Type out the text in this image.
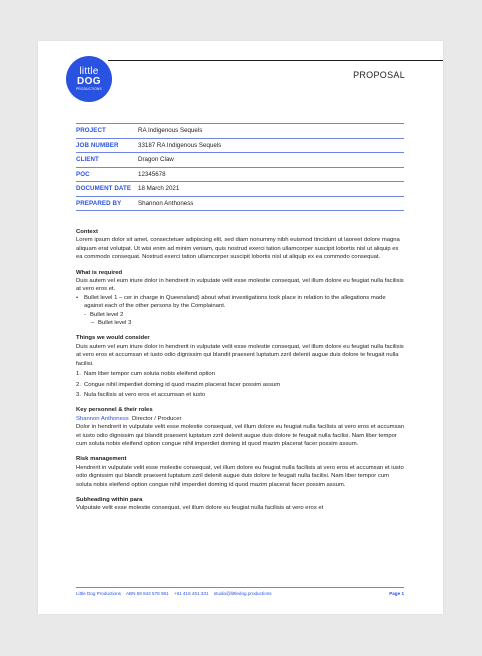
little
DOG
PRODUCTIONS
PROPOSAL
PROJECT	RA Indigenous Sequels
JOB NUMBER	33187 RA Indigenous Sequels
CLIENT	Dragon Claw
POC	12345678
DOCUMENT DATE	18 March 2021
PREPARED BY	Shannon Anthoness
Context

Lorem ipsum dolor sit amet, consectetuer adipiscing elit, sed diam nonummy nibh euismod tincidunt ut laoreet dolore magna aliquam erat volutpat. Ut wisi enim ad minim veniam, quis nostrud exerci tation ullamcorper suscipit lobortis nisl ut aliquip ex ea commodo consequat. Nostrud exerci tation ullamcorper suscipit lobortis nisl ut aliquip ex ea commodo consequat.

What is required

Duis autem vel eum iriure dolor in hendrerit in vulputate velit esse molestie consequat, vel illum dolore eu feugiat nulla facilisis at vero eros et.

• Bullet level 1 – cer in charge in Queensland) about what investigations took place in relation to the allegations made against each of the other persons by the Complainant.
- Bullet level 2
– Bullet level 3
Things we would consider

Duis autem vel eum iriure dolor in hendrerit in vulputate velit esse molestie consequat, vel illum dolore eu feugiat nulla facilisis at vero eros et accumsan et iusto odio dignissim qui blandit praesent luptatum zzril delenit augue duis dolore te feugait nulla facilisi.

1. Nam liber tempor cum soluta nobis eleifend option
2. Congue nihil imperdiet doming id quod mazim placerat facer possim assum
3. Nula facilisis at vero eros et accumsan et iusto
Key personnel & their roles
Shannon Anthoness Director / Producer

Dolor in hendrerit in vulputate velit esse molestie consequat, vel illum dolore eu feugiat nulla facilisis at vero eros et accumsan et iusto odio dignissim qui blandit praesent luptatum zzril delenit augue duis dolore te feugait nulla facilisi. Nam liber tempor cum soluta nobis eleifend option congue nihil imperdiet doming id quod mazim placerat facer possim assum.

Risk management

Hendrerit in vulputate velit esse molestie consequat, vel illum dolore eu feugiat nulla facilisis at vero eros et accumsan et iusto odio dignissim qui blandit praesent luptatum zzril delenit augue duis dolore te feugait nulla facilisi. Nam liber tempor cum soluta nobis eleifend option congue nihil imperdiet doming id quod mazim placerat facer possim assum.

Subheading within para

Vulputate velit esse molestie consequat, vel illum dolore eu feugiat nulla facilisis at vero eros et

Little Dog Productions ABN 59 842 578 981 +61 416 451 331 studio@littledog.productions	Page 1
